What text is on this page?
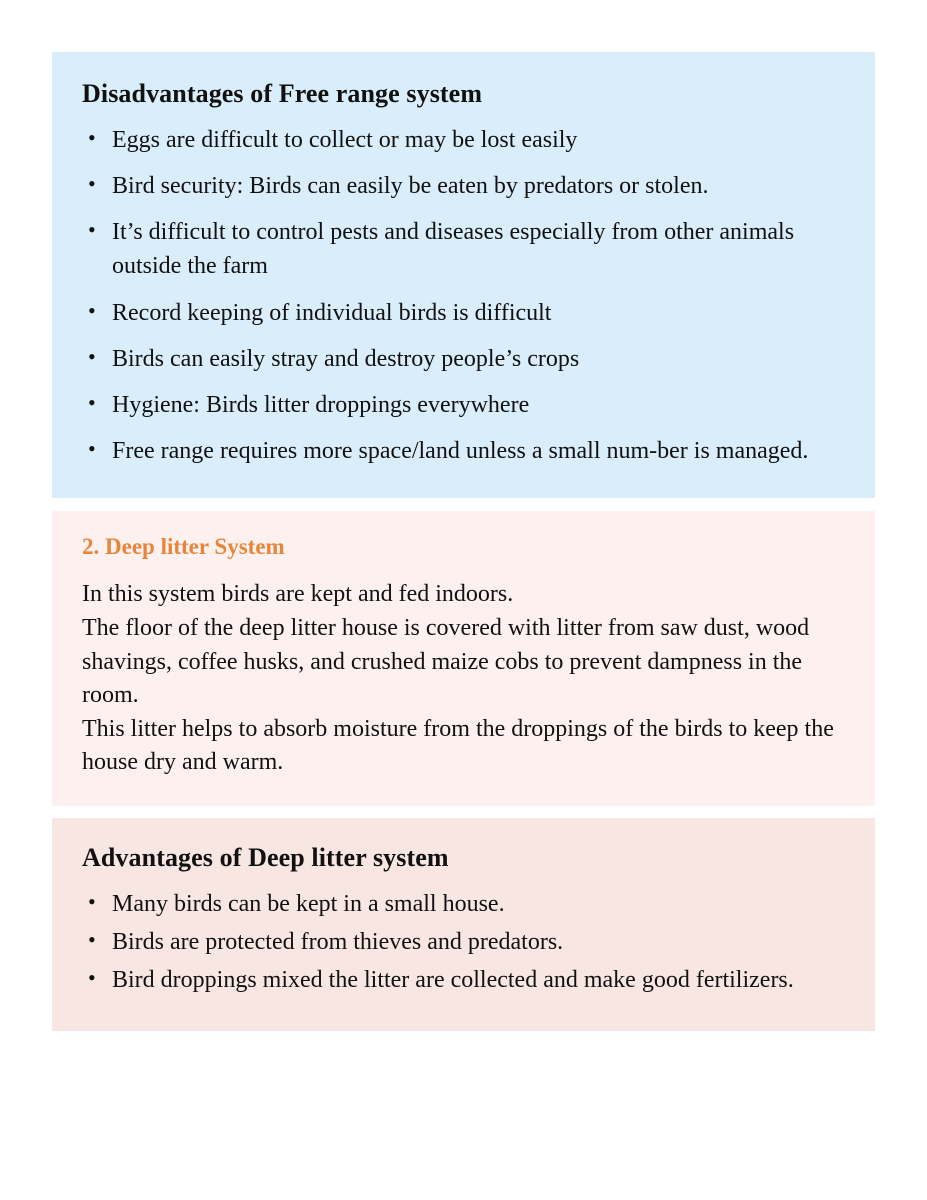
Disadvantages of Free range system
• Eggs are difficult to collect or may be lost easily
• Bird security: Birds can easily be eaten by predators or stolen.
• It’s difficult to control pests and diseases especially from other animals outside the farm
• Record keeping of individual birds is difficult
• Birds can easily stray and destroy people’s crops
• Hygiene: Birds litter droppings everywhere
• Free range requires more space/land unless a small num-ber is managed.
2. Deep litter System

In this system birds are kept and fed indoors.

The floor of the deep litter house is covered with litter from saw dust, wood shavings, coffee husks, and crushed maize cobs to prevent dampness in the room.

This litter helps to absorb moisture from the droppings of the birds to keep the house dry and warm.

Advantages of Deep litter system
• Many birds can be kept in a small house.
• Birds are protected from thieves and predators.
• Bird droppings mixed the litter are collected and make good fertilizers.
